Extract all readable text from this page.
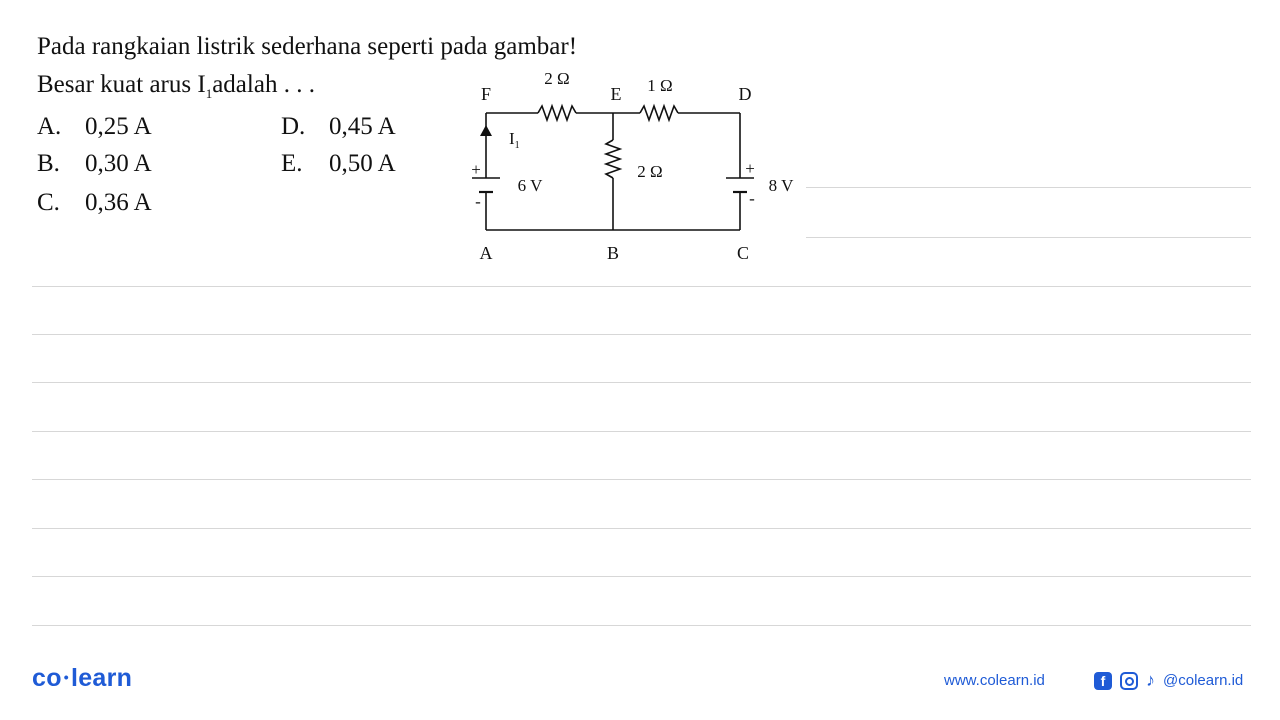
Pada rangkaian listrik sederhana seperti pada gambar!
Besar kuat arus $I_1adalah$ . . .
A. 0,25 A
B. 0,30 A
C. 0,36 A
D. 0,45 A
E. 0,50 A
F	E	D
A	B	C
2 Ω	1 Ω
2 Ω
6 V	8 V
+
-
+
-
$I_1$
co •learn	www.colearn.id	f	♪ @colearn.id
